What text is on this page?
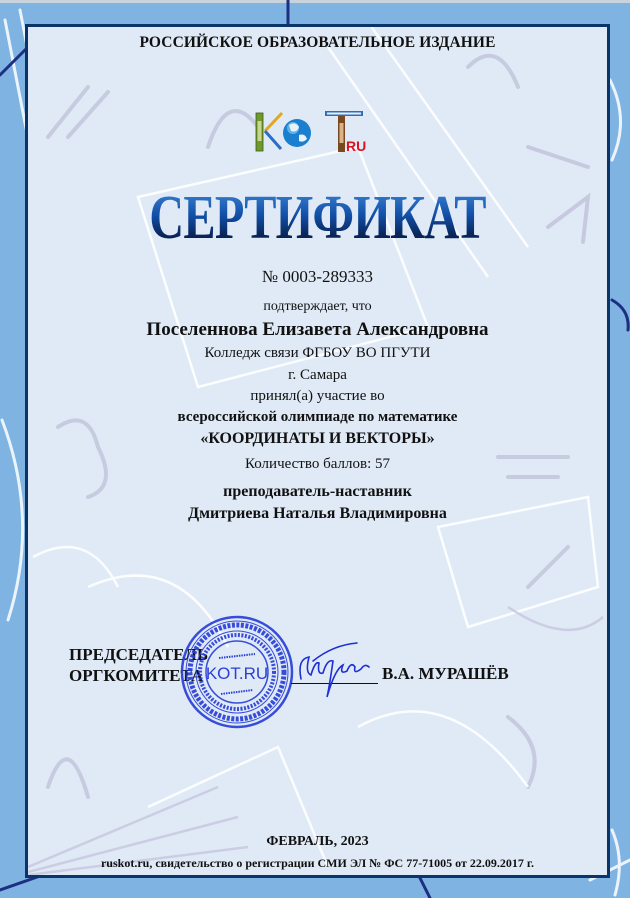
РОССИЙСКОЕ ОБРАЗОВАТЕЛЬНОЕ ИЗДАНИЕ
RU
СЕРТИФИКАТ
№ 0003-289333
подтверждает, что
Поселеннова Елизавета Александровна
Колледж связи ФГБОУ ВО ПГУТИ
г. Самара
принял(а) участие во
всероссийской олимпиаде по математике
«КООРДИНАТЫ И ВЕКТОРЫ»
Количество баллов: 57
преподаватель-наставник
Дмитриева Наталья Владимировна
ПРЕДСЕДАТЕЛЬ
ОРГКОМИТЕТА KOT.RU	В.А. МУРАШЁВ
ФЕВРАЛЬ, 2023
ruskot.ru, свидетельство о регистрации СМИ ЭЛ № ФС 77-71005 от 22.09.2017 г.
